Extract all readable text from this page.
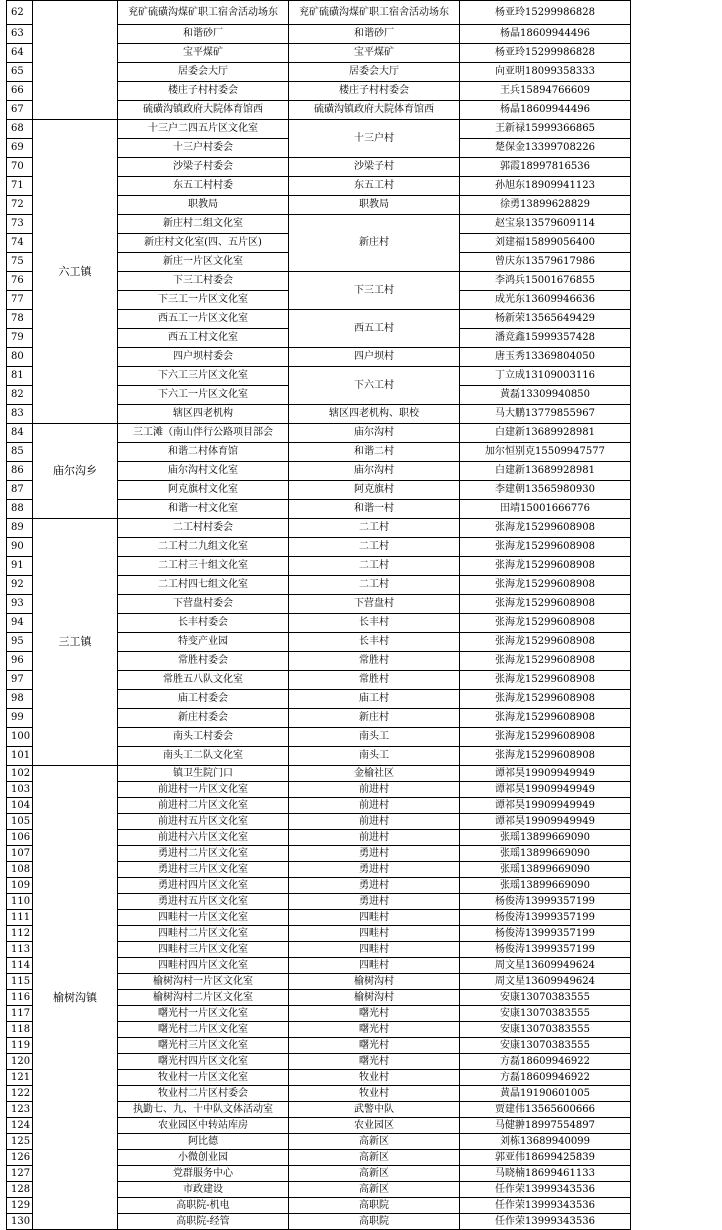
62		兖矿硫磺沟煤矿职工宿舍活动场东	兖矿硫磺沟煤矿职工宿舍活动场东	杨亚玲15299986828
63		和谐砂厂	和谐砂厂	杨晶18609944496
64		宝平煤矿	宝平煤矿	杨亚玲15299986828
65		居委会大厅	居委会大厅	向亚明18099358333
66		楼庄子村村委会	楼庄子村村委会	王兵15894766609
67		硫磺沟镇政府大院体育馆西	硫磺沟镇政府大院体育馆西	杨晶18609944496
68	六工镇	十三户二四五片区文化室	十三户村	王新禄15999366865
69		十三户村委会		楚保金13399708226
70		沙梁子村委会	沙梁子村	郭霞18997816536
71		东五工村村委	东五工村	孙旭东18909941123
72		职教局	职教局	徐勇13899628829
73		新庄村二组文化室	新庄村	赵宝泉13579609114
74		新庄村文化室(四、五片区)		刘建福15899056400
75		新庄一片区文化室		曾庆东13579617986
76		下三工村委会	下三工村	李鸿兵15001676855
77		下三工一片区文化室		成光东13609946636
78		西五工一片区文化室	西五工村	杨新荣13565649429
79		西五工村文化室		潘竞鑫15999357428
80		四户坝村委会	四户坝村	唐玉秀13369804050
81		下六工三片区文化室	下六工村	丁立成13109003116
82		下六工一片区文化室		黄磊13309940850
83		辖区四老机构	辖区四老机构、职校	马大鹏13779855967
84	庙尔沟乡	三工滩（南山伴行公路项目部会	庙尔沟村	白建新13689928981
85		和谐二村体育馆	和谐二村	加尔恒别克15509947577
86		庙尔沟村文化室	庙尔沟村	白建新13689928981
87		阿克旗村文化室	阿克旗村	李建朝13565980930
88		和谐一村文化室	和谐一村	田靖15001666776
89	三工镇	二工村村委会	二工村	张海龙15299608908
90		二工村二九组文化室	二工村	张海龙15299608908
91		二工村三十组文化室	二工村	张海龙15299608908
92		二工村四七组文化室	二工村	张海龙15299608908
93		下营盘村委会	下营盘村	张海龙15299608908
94		长丰村委会	长丰村	张海龙15299608908
95		特变产业园	长丰村	张海龙15299608908
96		常胜村委会	常胜村	张海龙15299608908
97		常胜五八队文化室	常胜村	张海龙15299608908
98		庙工村委会	庙工村	张海龙15299608908
99		新庄村委会	新庄村	张海龙15299608908
100		南头工村委会	南头工	张海龙15299608908
101		南头工二队文化室	南头工	张海龙15299608908
102	榆树沟镇	镇卫生院门口	金榆社区	谭祁昊19909949949
103		前进村一片区文化室	前进村	谭祁昊19909949949
104		前进村二片区文化室	前进村	谭祁昊19909949949
105		前进村五片区文化室	前进村	谭祁昊19909949949
106		前进村六片区文化室	前进村	张瑶13899669090
107		勇进村二片区文化室	勇进村	张瑶13899669090
108		勇进村三片区文化室	勇进村	张瑶13899669090
109		勇进村四片区文化室	勇进村	张瑶13899669090
110		勇进村五片区文化室	勇进村	杨俊涛13999357199
111		四畦村一片区文化室	四畦村	杨俊涛13999357199
112		四畦村二片区文化室	四畦村	杨俊涛13999357199
113		四畦村三片区文化室	四畦村	杨俊涛13999357199
114		四畦村四片区文化室	四畦村	周文星13609949624
115		榆树沟村一片区文化室	榆树沟村	周文星13609949624
116		榆树沟村二片区文化室	榆树沟村	安康13070383555
117		曙光村一片区文化室	曙光村	安康13070383555
118		曙光村二片区文化室	曙光村	安康13070383555
119		曙光村三片区文化室	曙光村	安康13070383555
120		曙光村四片区文化室	曙光村	方磊18609946922
121		牧业村一片区文化室	牧业村	方磊18609946922
122		牧业村二片区村委会	牧业村	黄晶19190601005
123		执勤七、九、十中队文体活动室	武警中队	贾建伟13565600666
124		农业园区中转站库房	农业园区	马健翀18997554897
125		阿比德	高新区	刘栋13689940099
126		小微创业园	高新区	郭亚伟18699425839
127		党群服务中心	高新区	马晓楠18699461133
128		市政建设	高新区	任作荣13999343536
129		高职院-机电	高职院	任作荣13999343536
130		高职院-经管	高职院	任作荣13999343536
